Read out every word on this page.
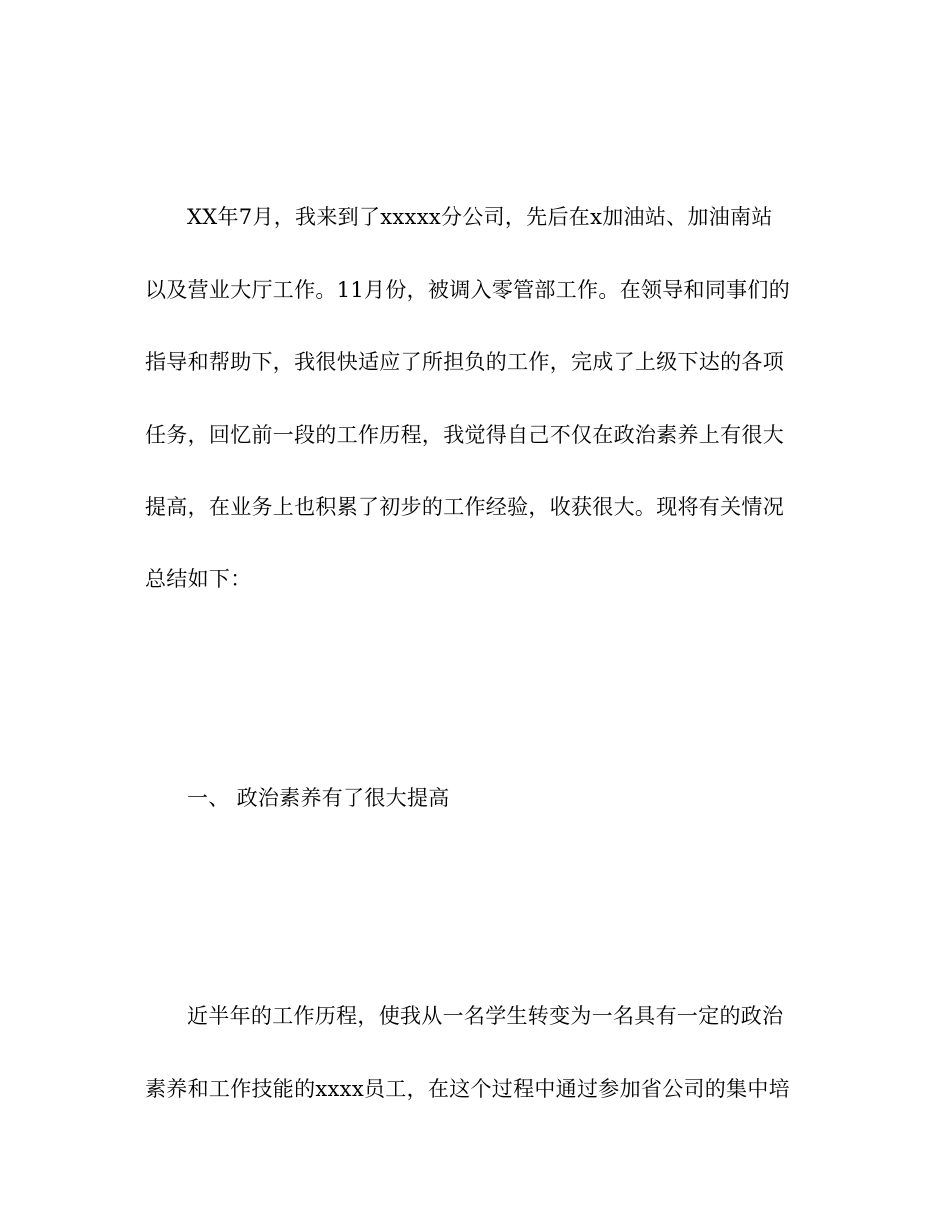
XX年7月，我来到了xxxxx分公司，先后在x加油站、加油南站
以及营业大厅工作。11月份，被调入零管部工作。在领导和同事们的
指导和帮助下，我很快适应了所担负的工作，完成了上级下达的各项
任务，回忆前一段的工作历程，我觉得自己不仅在政治素养上有很大
提高，在业务上也积累了初步的工作经验，收获很大。现将有关情况
总结如下：
一、 政治素养有了很大提高
近半年的工作历程，使我从一名学生转变为一名具有一定的政治
素养和工作技能的xxxx员工，在这个过程中通过参加省公司的集中培
